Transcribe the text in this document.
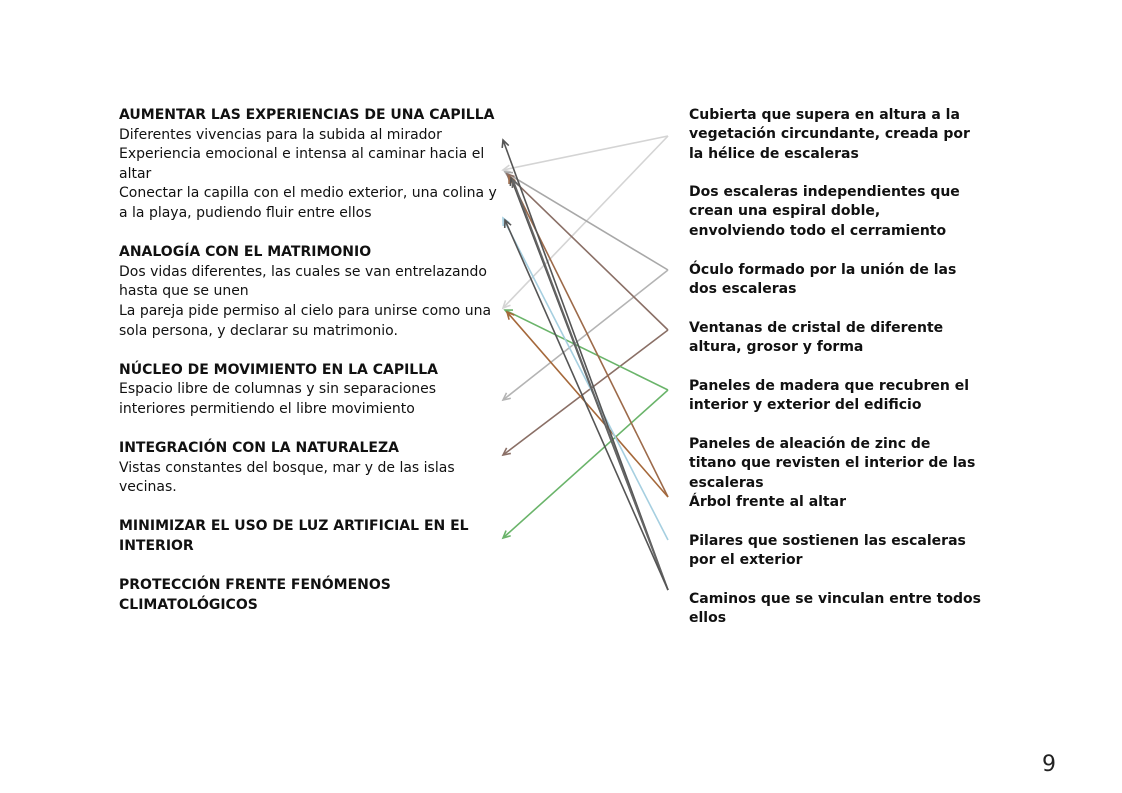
AUMENTAR LAS EXPERIENCIAS DE UNA CAPILLA
Diferentes vivencias para la subida al mirador
Experiencia emocional e intensa al caminar hacia el altar
Conectar la capilla con el medio exterior, una colina y a la playa, pudiendo fluir entre ellos
ANALOGÍA CON EL MATRIMONIO
Dos vidas diferentes, las cuales se van entrelazando hasta que se unen
La pareja pide permiso al cielo para unirse como una sola persona, y declarar su matrimonio.
NÚCLEO DE MOVIMIENTO EN LA CAPILLA
Espacio libre de columnas y sin separaciones interiores permitiendo el libre movimiento
INTEGRACIÓN CON LA NATURALEZA
Vistas constantes del bosque, mar y de las islas vecinas.
MINIMIZAR EL USO DE LUZ ARTIFICIAL EN EL INTERIOR
PROTECCIÓN FRENTE FENÓMENOS CLIMATOLÓGICOS
Cubierta que supera en altura a la vegetación circundante, creada por la hélice de escaleras
Dos escaleras independientes que crean una espiral doble, envolviendo todo el cerramiento
Óculo formado por la unión de las dos escaleras
Ventanas de cristal de diferente altura, grosor y forma
Paneles de madera que recubren el interior y exterior del edificio
Paneles de aleación de zinc de titano que revisten el interior de las escaleras
Árbol frente al altar
Pilares que sostienen las escaleras por el exterior
Caminos que se vinculan entre todos ellos
9
